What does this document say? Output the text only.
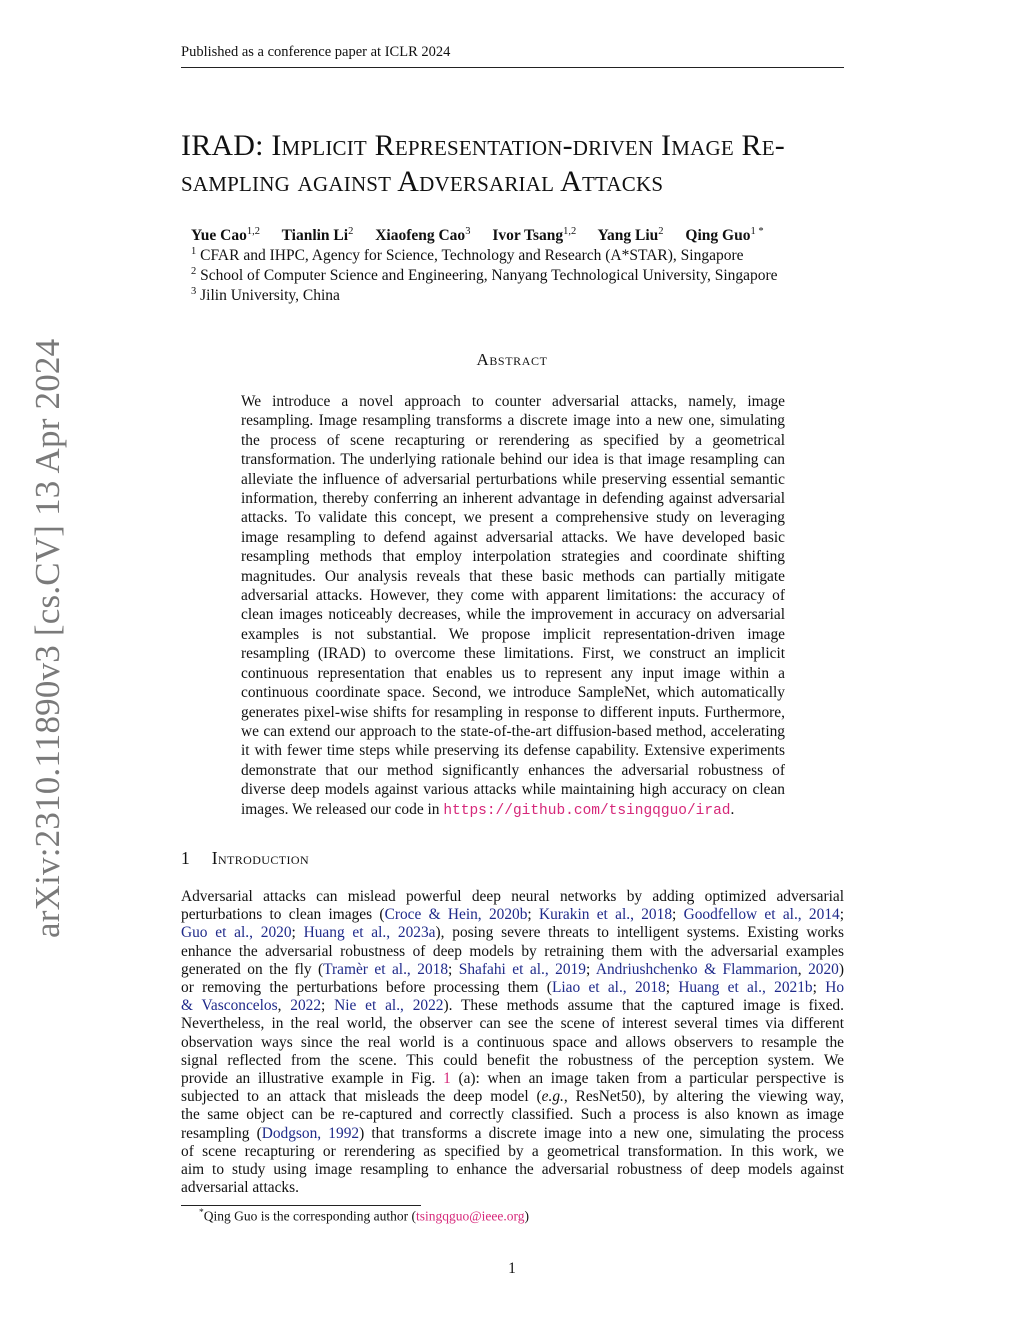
Published as a conference paper at ICLR 2024
arXiv:2310.11890v3 [cs.CV] 13 Apr 2024
IRAD: Implicit Representation-driven Image Re-
sampling against Adversarial Attacks
Yue Cao$^{1,2}$ Tianlin Li$^2$ Xiaofeng Cao$^3$ Ivor Tsang$^{1,2}$ Yang Liu$^2$ Qing Guo$^{1 *}$
$^1$ CFAR and IHPC, Agency for Science, Technology and Research (A*STAR), Singapore
$^2$ School of Computer Science and Engineering, Nanyang Technological University, Singapore
$^3$ Jilin University, China
Abstract
We introduce a novel approach to counter adversarial attacks, namely, image resampling. Image resampling transforms a discrete image into a new one, simulating the process of scene recapturing or rerendering as specified by a geometrical transformation. The underlying rationale behind our idea is that image resampling can alleviate the influence of adversarial perturbations while preserving essential semantic information, thereby conferring an inherent advantage in defending against adversarial attacks. To validate this concept, we present a comprehensive study on leveraging image resampling to defend against adversarial attacks. We have developed basic resampling methods that employ interpolation strategies and coordinate shifting magnitudes. Our analysis reveals that these basic methods can partially mitigate adversarial attacks. However, they come with apparent limitations: the accuracy of clean images noticeably decreases, while the improvement in accuracy on adversarial examples is not substantial. We propose implicit representation-driven image resampling (IRAD) to overcome these limitations. First, we construct an implicit continuous representation that enables us to represent any input image within a continuous coordinate space. Second, we introduce SampleNet, which automatically generates pixel-wise shifts for resampling in response to different inputs. Furthermore, we can extend our approach to the state-of-the-art diffusion-based method, accelerating it with fewer time steps while preserving its defense capability. Extensive experiments demonstrate that our method significantly enhances the adversarial robustness of diverse deep models against various attacks while maintaining high accuracy on clean images. We released our code in https://github.com/tsingqguo/irad.
1 Introduction
Adversarial attacks can mislead powerful deep neural networks by adding optimized adversarial
perturbations to clean images (Croce & Hein, 2020b; Kurakin et al., 2018; Goodfellow et al., 2014;
Guo et al., 2020; Huang et al., 2023a), posing severe threats to intelligent systems. Existing works
enhance the adversarial robustness of deep models by retraining them with the adversarial examples
generated on the fly (Tramèr et al., 2018; Shafahi et al., 2019; Andriushchenko & Flammarion, 2020)
or removing the perturbations before processing them (Liao et al., 2018; Huang et al., 2021b; Ho
& Vasconcelos, 2022; Nie et al., 2022). These methods assume that the captured image is fixed.
Nevertheless, in the real world, the observer can see the scene of interest several times via different
observation ways since the real world is a continuous space and allows observers to resample the
signal reflected from the scene. This could benefit the robustness of the perception system. We
provide an illustrative example in Fig. 1 (a): when an image taken from a particular perspective is
subjected to an attack that misleads the deep model (e.g., ResNet50), by altering the viewing way,
the same object can be re-captured and correctly classified. Such a process is also known as image
resampling (Dodgson, 1992) that transforms a discrete image into a new one, simulating the process
of scene recapturing or rerendering as specified by a geometrical transformation. In this work, we
aim to study using image resampling to enhance the adversarial robustness of deep models against
adversarial attacks.
*Qing Guo is the corresponding author (tsingqguo@ieee.org)
1
